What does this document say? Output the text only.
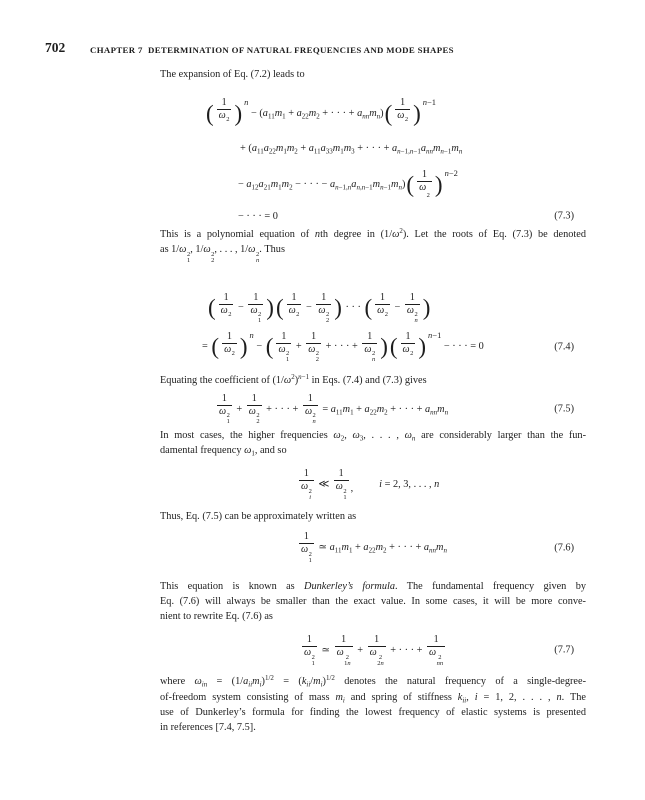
702	CHAPTER 7 DETERMINATION OF NATURAL FREQUENCIES AND MODE SHAPES
The expansion of Eq. (7.2) leads to
( $\frac{1}{\omega 2}$ ) n
− ($a_{11}m_1 + a_{22}m_2$ + · · · + $a_{nn}m_n$) ( $\frac{1}{\omega 2}$ ) n−1
+ ($a_{11}a_{22}m_1m_2 + a_{11}a_{33}m_1m_3$ + · · · + $a_{n-1,n-1}a_{nn}m_{n-1}m_n$
− $a_{12}a_{21}m_1m_2$ − · · · − $a_{n-1,n}a_{n,n-1}m_{n-1}m_n$) ( 1
ω
2 ) n−2
− · · · = 0	(7.3)
This is a polynomial equation of nth degree in $(1/\omega^2)$. Let the roots of Eq. (7.3) be denoted
as 1/ω 2
1
, 1/ω 2
2
, . . . , 1/ω 2
n
. Thus
( $\frac{1}{\omega 2} - 1$
ω 2
1 ) ( $\frac{1}{\omega 2} - 1$
ω 2
2 ) · · · ( $\frac{1}{\omega 2} - 1$
ω 2
n )
= ( $\frac{1}{\omega 2}$ ) n
− ( 1
ω 2
1 + 1
ω 2
2 + · · · + 1
ω 2
n ) ( $\frac{1}{\omega 2}$ ) n−1
− · · · = 0	(7.4)
Equating the coefficient of $(1/\omega^2)^{n-1}$ in Eqs. (7.4) and (7.3) gives
1
ω 2
1 + 1
ω 2
2 + · · · + 1
ω 2
$n = a_{11}m_1 + a_{22}m_2$ + · · · + $a_{nn}m_n$	(7.5)
In most cases, the higher frequencies $\omega_2$, $\omega_3$, . . . , $\omega_n$ are considerably larger than the fun-
damental frequency $\omega_1$, and so
1
ω 2
i ≪ 1
ω 2
1 ,	i = 2, 3, . . . , n
Thus, Eq. (7.5) can be approximately written as
1
ω 2
1 ≃ $a_{11}m_1 + a_{22}m_2$ + · · · + $a_{nn}m_n$	(7.6)
This equation is known as Dunkerley’s formula. The fundamental frequency given by
Eq. (7.6) will always be smaller than the exact value. In some cases, it will be more conve-
nient to rewrite Eq. (7.6) as
1
ω 2
1 ≃ 1
ω 2
1n + 1
ω 2
2n + · · · + 1
ω 2
nn	(7.7)
where $\omega_{in} = (1/a_{ii}m_i)^{1/2} = (k_{ii}/m_i)^{1/2}$ denotes the natural frequency of a single-degree-
of-freedom system consisting of mass $m_i$ and spring of stiffness $k_{ii}$, i = 1, 2, . . . , n. The
use of Dunkerley’s formula for finding the lowest frequency of elastic systems is presented
in references [7.4, 7.5].
